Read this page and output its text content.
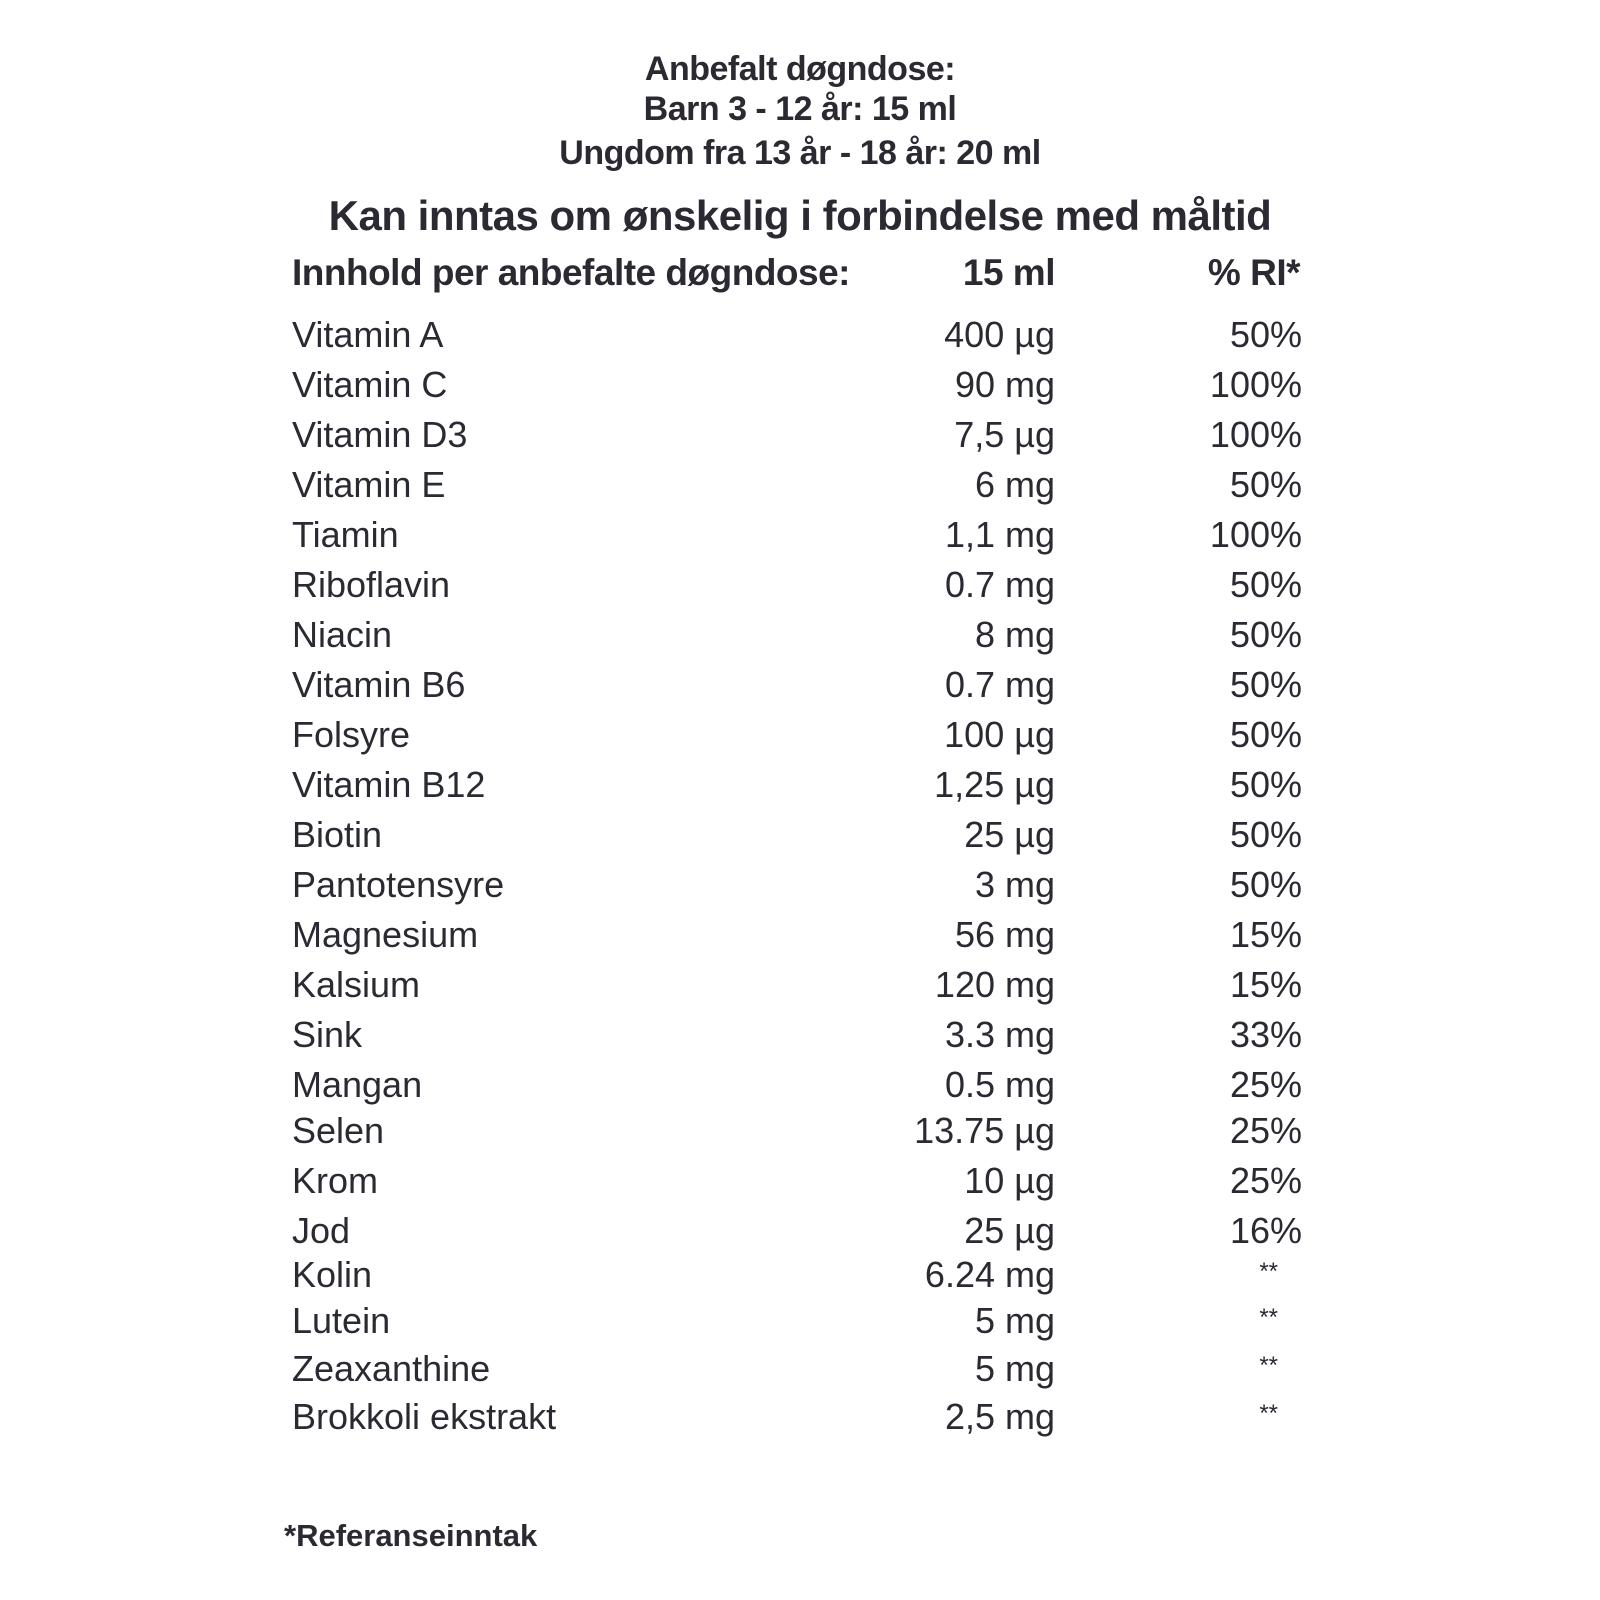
Anbefalt døgndose:
Barn 3 - 12 år: 15 ml
Ungdom fra 13 år - 18 år: 20 ml
Kan inntas om ønskelig i forbindelse med måltid
Innhold per anbefalte døgndose:	15 ml	% RI*
Vitamin A	400 µg	50%
Vitamin C	90 mg	100%
Vitamin D3	7,5 µg	100%
Vitamin E	6 mg	50%
Tiamin	1,1 mg	100%
Riboflavin	0.7 mg	50%
Niacin	8 mg	50%
Vitamin B6	0.7 mg	50%
Folsyre	100 µg	50%
Vitamin B12	1,25 µg	50%
Biotin	25 µg	50%
Pantotensyre	3 mg	50%
Magnesium	56 mg	15%
Kalsium	120 mg	15%
Sink	3.3 mg	33%
Mangan	0.5 mg	25%
Selen	13.75 µg	25%
Krom	10 µg	25%
Jod	25 µg	16%
Kolin	6.24 mg	**
Lutein	5 mg	**
Zeaxanthine	5 mg	**
Brokkoli ekstrakt	2,5 mg	**
*Referanseinntak
